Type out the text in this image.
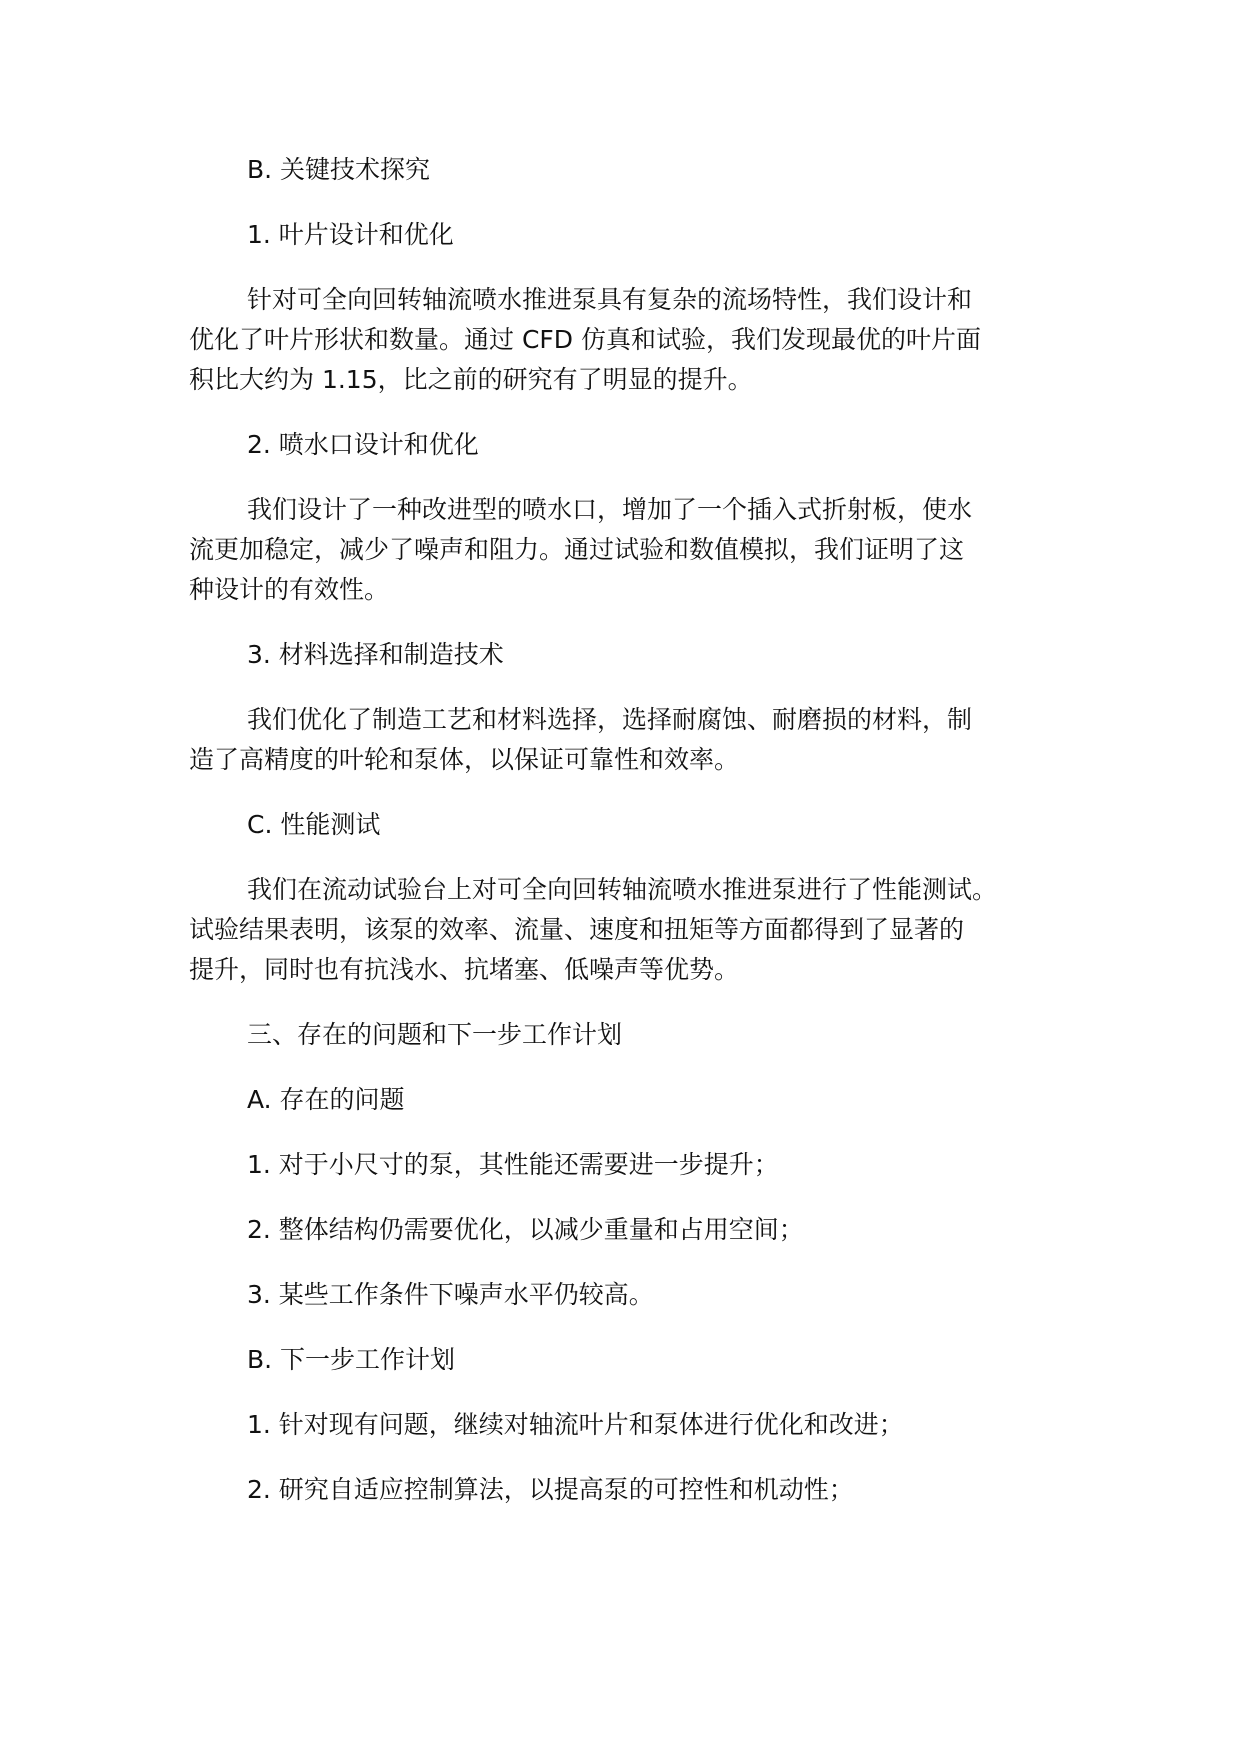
B. 关键技术探究

1. 叶片设计和优化

针对可全向回转轴流喷水推进泵具有复杂的流场特性，我们设计和

优化了叶片形状和数量。通过 CFD 仿真和试验，我们发现最优的叶片面

积比大约为 1.15，比之前的研究有了明显的提升。

2. 喷水口设计和优化

我们设计了一种改进型的喷水口，增加了一个插入式折射板，使水

流更加稳定，减少了噪声和阻力。通过试验和数值模拟，我们证明了这

种设计的有效性。

3. 材料选择和制造技术

我们优化了制造工艺和材料选择，选择耐腐蚀、耐磨损的材料，制

造了高精度的叶轮和泵体，以保证可靠性和效率。

C. 性能测试

我们在流动试验台上对可全向回转轴流喷水推进泵进行了性能测试。

试验结果表明，该泵的效率、流量、速度和扭矩等方面都得到了显著的

提升，同时也有抗浅水、抗堵塞、低噪声等优势。

三、存在的问题和下一步工作计划

A. 存在的问题

1. 对于小尺寸的泵，其性能还需要进一步提升；

2. 整体结构仍需要优化，以减少重量和占用空间；

3. 某些工作条件下噪声水平仍较高。

B. 下一步工作计划

1. 针对现有问题，继续对轴流叶片和泵体进行优化和改进；

2. 研究自适应控制算法，以提高泵的可控性和机动性；
